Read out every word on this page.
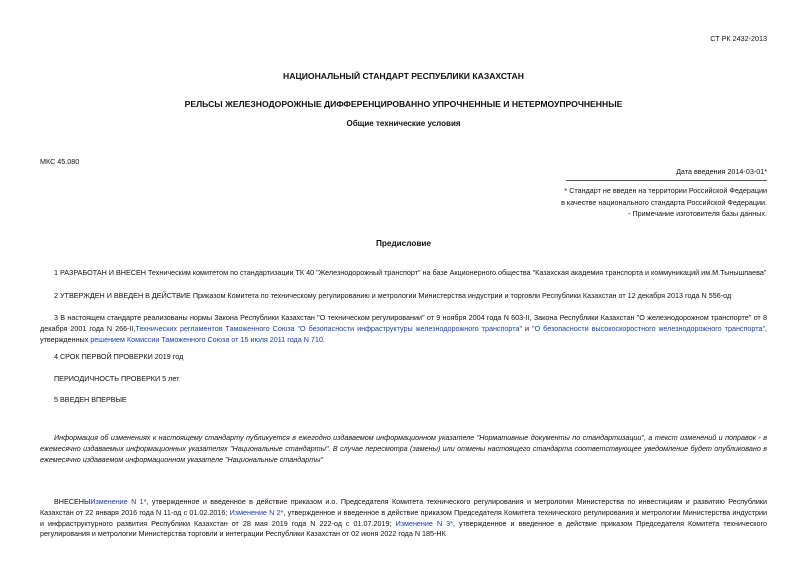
СТ РК 2432-2013
НАЦИОНАЛЬНЫЙ СТАНДАРТ РЕСПУБЛИКИ КАЗАХСТАН
РЕЛЬСЫ ЖЕЛЕЗНОДОРОЖНЫЕ ДИФФЕРЕНЦИРОВАННО УПРОЧНЕННЫЕ И НЕТЕРМОУПРОЧНЕННЫЕ
Общие технические условия
МКС 45.080
Дата введения 2014-03-01*

* Стандарт не введен на территории Российской Федерации

в качестве национального стандарта Российской Федерации.

- Примечание изготовителя базы данных.

Предисловие
1 РАЗРАБОТАН И ВНЕСЕН Техническим комитетом по стандартизации ТК 40 "Железнодорожный транспорт" на базе Акционерного общества "Казахская академия транспорта и коммуникаций им.М.Тынышпаева"
2 УТВЕРЖДЕН И ВВЕДЕН В ДЕЙСТВИЕ Приказом Комитета по техническому регулированию и метрологии Министерства индустрии и торговли Республики Казахстан от 12 декабря 2013 года N 556-од
3 В настоящем стандарте реализованы нормы Закона Республики Казахстан "О техническом регулировании" от 9 ноября 2004 года N 603-II, Закона Республики Казахстан "О железнодорожном транспорте" от 8 декабря 2001 года N 266-II,Технических регламентов Таможенного Союза "О безопасности инфраструктуры железнодорожного транспорта" и "О безопасности высокоскоростного железнодорожного транспорта", утвержденных решением Комиссии Таможенного Союза от 15 июля 2011 года N 710.
4 СРОК ПЕРВОЙ ПРОВЕРКИ 2019 год
ПЕРИОДИЧНОСТЬ ПРОВЕРКИ 5 лет
5 ВВЕДЕН ВПЕРВЫЕ
Информация об изменениях к настоящему стандарту публикуется в ежегодно издаваемом информационном указателе "Нормативные документы по стандартизации", а текст изменений и поправок - в ежемесячно издаваемых информационных указателях "Национальные стандарты". В случае пересмотра (замены) или отмены настоящего стандарта соответствующее уведомление будет опубликовано в ежемесячно издаваемом информационном указателе "Национальные стандарты"
ВНЕСЕНЫИзменение N 1*, утвержденное и введенное в действие приказом и.о. Председателя Комитета технического регулирования и метрологии Министерства по инвестициям и развитию Республики Казахстан от 22 января 2016 года N 11-од с 01.02.2016; Изменение N 2*, утвержденное и введенное в действие приказом Председателя Комитета технического регулирования и метрологии Министерства индустрии и инфраструктурного развития Республики Казахстан от 28 мая 2019 года N 222-од с 01.07.2019; Изменение N 3*, утвержденное и введенное в действие приказом Председателя Комитета технического регулирования и метрологии Министерства торговли и интеграции Республики Казахстан от 02 июня 2022 года N 185-НК
